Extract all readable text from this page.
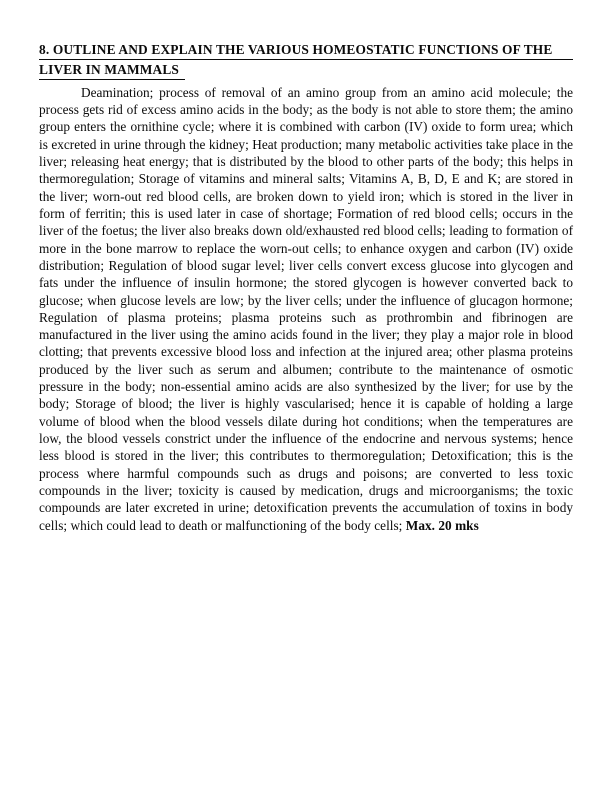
8. OUTLINE AND EXPLAIN THE VARIOUS HOMEOSTATIC FUNCTIONS OF THE
LIVER IN MAMMALS

Deamination; process of removal of an amino group from an amino acid molecule; the process gets rid of excess amino acids in the body; as the body is not able to store them; the amino group enters the ornithine cycle; where it is combined with carbon (IV) oxide to form urea; which is excreted in urine through the kidney; Heat production; many metabolic activities take place in the liver; releasing heat energy; that is distributed by the blood to other parts of the body; this helps in thermoregulation; Storage of vitamins and mineral salts; Vitamins A, B, D, E and K; are stored in the liver; worn-out red blood cells, are broken down to yield iron; which is stored in the liver in form of ferritin; this is used later in case of shortage; Formation of red blood cells; occurs in the liver of the foetus; the liver also breaks down old/exhausted red blood cells; leading to formation of more in the bone marrow to replace the worn-out cells; to enhance oxygen and carbon (IV) oxide distribution; Regulation of blood sugar level; liver cells convert excess glucose into glycogen and fats under the influence of insulin hormone; the stored glycogen is however converted back to glucose; when glucose levels are low; by the liver cells; under the influence of glucagon hormone; Regulation of plasma proteins; plasma proteins such as prothrombin and fibrinogen are manufactured in the liver using the amino acids found in the liver; they play a major role in blood clotting; that prevents excessive blood loss and infection at the injured area; other plasma proteins produced by the liver such as serum and albumen; contribute to the maintenance of osmotic pressure in the body; non-essential amino acids are also synthesized by the liver; for use by the body; Storage of blood; the liver is highly vascularised; hence it is capable of holding a large volume of blood when the blood vessels dilate during hot conditions; when the temperatures are low, the blood vessels constrict under the influence of the endocrine and nervous systems; hence less blood is stored in the liver; this contributes to thermoregulation; Detoxification; this is the process where harmful compounds such as drugs and poisons; are converted to less toxic compounds in the liver; toxicity is caused by medication, drugs and microorganisms; the toxic compounds are later excreted in urine; detoxification prevents the accumulation of toxins in body cells; which could lead to death or malfunctioning of the body cells; Max. 20 mks
